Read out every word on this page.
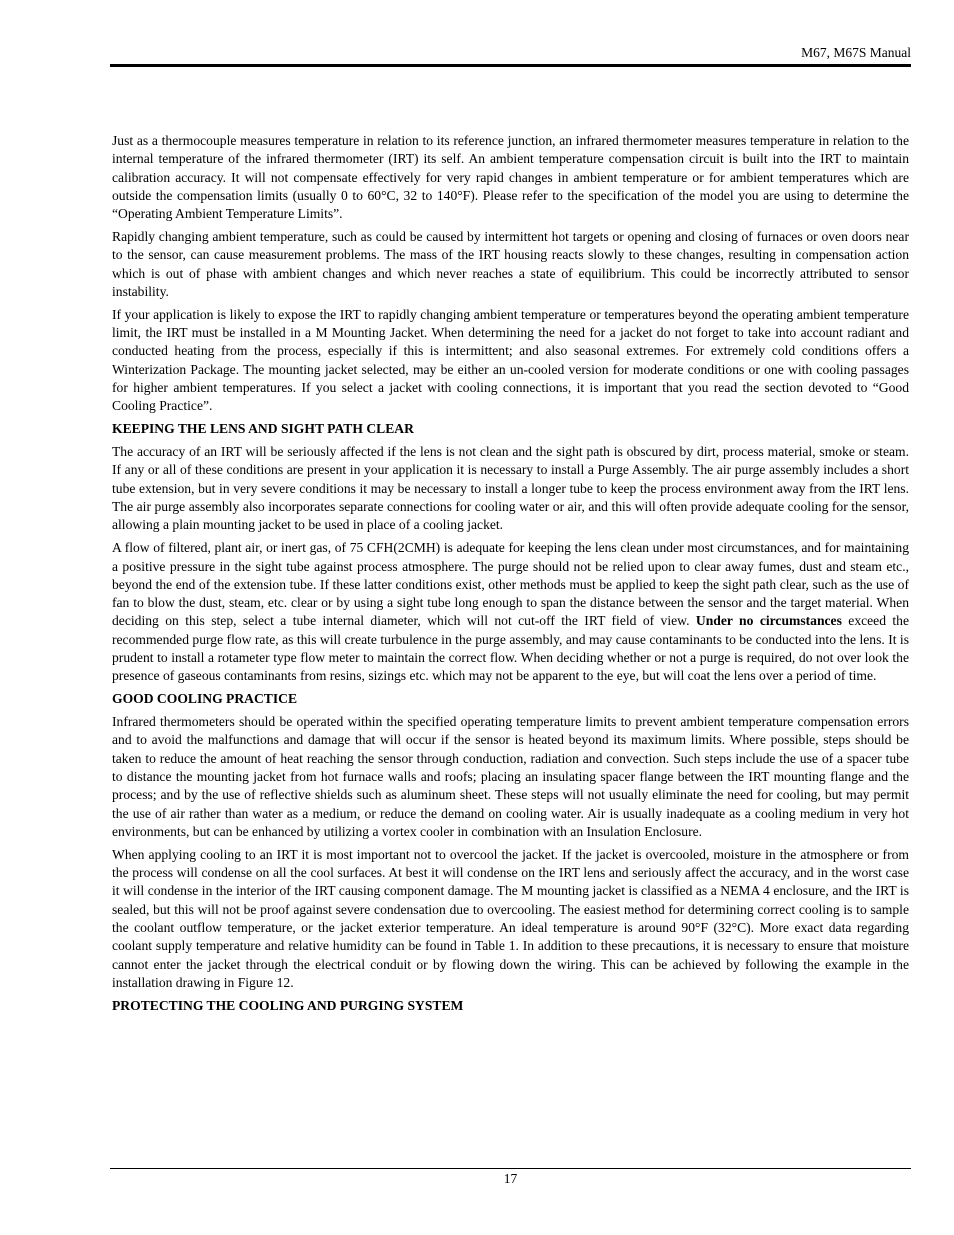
M67, M67S Manual

Just as a thermocouple measures temperature in relation to its reference junction, an infrared thermometer measures temperature in relation to the internal temperature of the infrared thermometer (IRT) its self. An ambient temperature compensation circuit is built into the IRT to maintain calibration accuracy. It will not compensate effectively for very rapid changes in ambient temperature or for ambient temperatures which are outside the compensation limits (usually 0 to 60°C, 32 to 140°F). Please refer to the specification of the model you are using to determine the “Operating Ambient Temperature Limits”.

Rapidly changing ambient temperature, such as could be caused by intermittent hot targets or opening and closing of furnaces or oven doors near to the sensor, can cause measurement problems. The mass of the IRT housing reacts slowly to these changes, resulting in compensation action which is out of phase with ambient changes and which never reaches a state of equilibrium. This could be incorrectly attributed to sensor instability.

If your application is likely to expose the IRT to rapidly changing ambient temperature or temperatures beyond the operating ambient temperature limit, the IRT must be installed in a M Mounting Jacket. When determining the need for a jacket do not forget to take into account radiant and conducted heating from the process, especially if this is intermittent; and also seasonal extremes. For extremely cold conditions offers a Winterization Package. The mounting jacket selected, may be either an un-cooled version for moderate conditions or one with cooling passages for higher ambient temperatures. If you select a jacket with cooling connections, it is important that you read the section devoted to “Good Cooling Practice”.

KEEPING THE LENS AND SIGHT PATH CLEAR

The accuracy of an IRT will be seriously affected if the lens is not clean and the sight path is obscured by dirt, process material, smoke or steam. If any or all of these conditions are present in your application it is necessary to install a Purge Assembly. The air purge assembly includes a short tube extension, but in very severe conditions it may be necessary to install a longer tube to keep the process environment away from the IRT lens. The air purge assembly also incorporates separate connections for cooling water or air, and this will often provide adequate cooling for the sensor, allowing a plain mounting jacket to be used in place of a cooling jacket.

A flow of filtered, plant air, or inert gas, of 75 CFH(2CMH) is adequate for keeping the lens clean under most circumstances, and for maintaining a positive pressure in the sight tube against process atmosphere. The purge should not be relied upon to clear away fumes, dust and steam etc., beyond the end of the extension tube. If these latter conditions exist, other methods must be applied to keep the sight path clear, such as the use of fan to blow the dust, steam, etc. clear or by using a sight tube long enough to span the distance between the sensor and the target material. When deciding on this step, select a tube internal diameter, which will not cut-off the IRT field of view. Under no circumstances exceed the recommended purge flow rate, as this will create turbulence in the purge assembly, and may cause contaminants to be conducted into the lens. It is prudent to install a rotameter type flow meter to maintain the correct flow. When deciding whether or not a purge is required, do not over look the presence of gaseous contaminants from resins, sizings etc. which may not be apparent to the eye, but will coat the lens over a period of time.

GOOD COOLING PRACTICE

Infrared thermometers should be operated within the specified operating temperature limits to prevent ambient temperature compensation errors and to avoid the malfunctions and damage that will occur if the sensor is heated beyond its maximum limits. Where possible, steps should be taken to reduce the amount of heat reaching the sensor through conduction, radiation and convection. Such steps include the use of a spacer tube to distance the mounting jacket from hot furnace walls and roofs; placing an insulating spacer flange between the IRT mounting flange and the process; and by the use of reflective shields such as aluminum sheet. These steps will not usually eliminate the need for cooling, but may permit the use of air rather than water as a medium, or reduce the demand on cooling water. Air is usually inadequate as a cooling medium in very hot environments, but can be enhanced by utilizing a vortex cooler in combination with an Insulation Enclosure.

When applying cooling to an IRT it is most important not to overcool the jacket. If the jacket is overcooled, moisture in the atmosphere or from the process will condense on all the cool surfaces. At best it will condense on the IRT lens and seriously affect the accuracy, and in the worst case it will condense in the interior of the IRT causing component damage. The M mounting jacket is classified as a NEMA 4 enclosure, and the IRT is sealed, but this will not be proof against severe condensation due to overcooling. The easiest method for determining correct cooling is to sample the coolant outflow temperature, or the jacket exterior temperature. An ideal temperature is around 90°F (32°C). More exact data regarding coolant supply temperature and relative humidity can be found in Table 1. In addition to these precautions, it is necessary to ensure that moisture cannot enter the jacket through the electrical conduit or by flowing down the wiring. This can be achieved by following the example in the installation drawing in Figure 12.

PROTECTING THE COOLING AND PURGING SYSTEM
17
